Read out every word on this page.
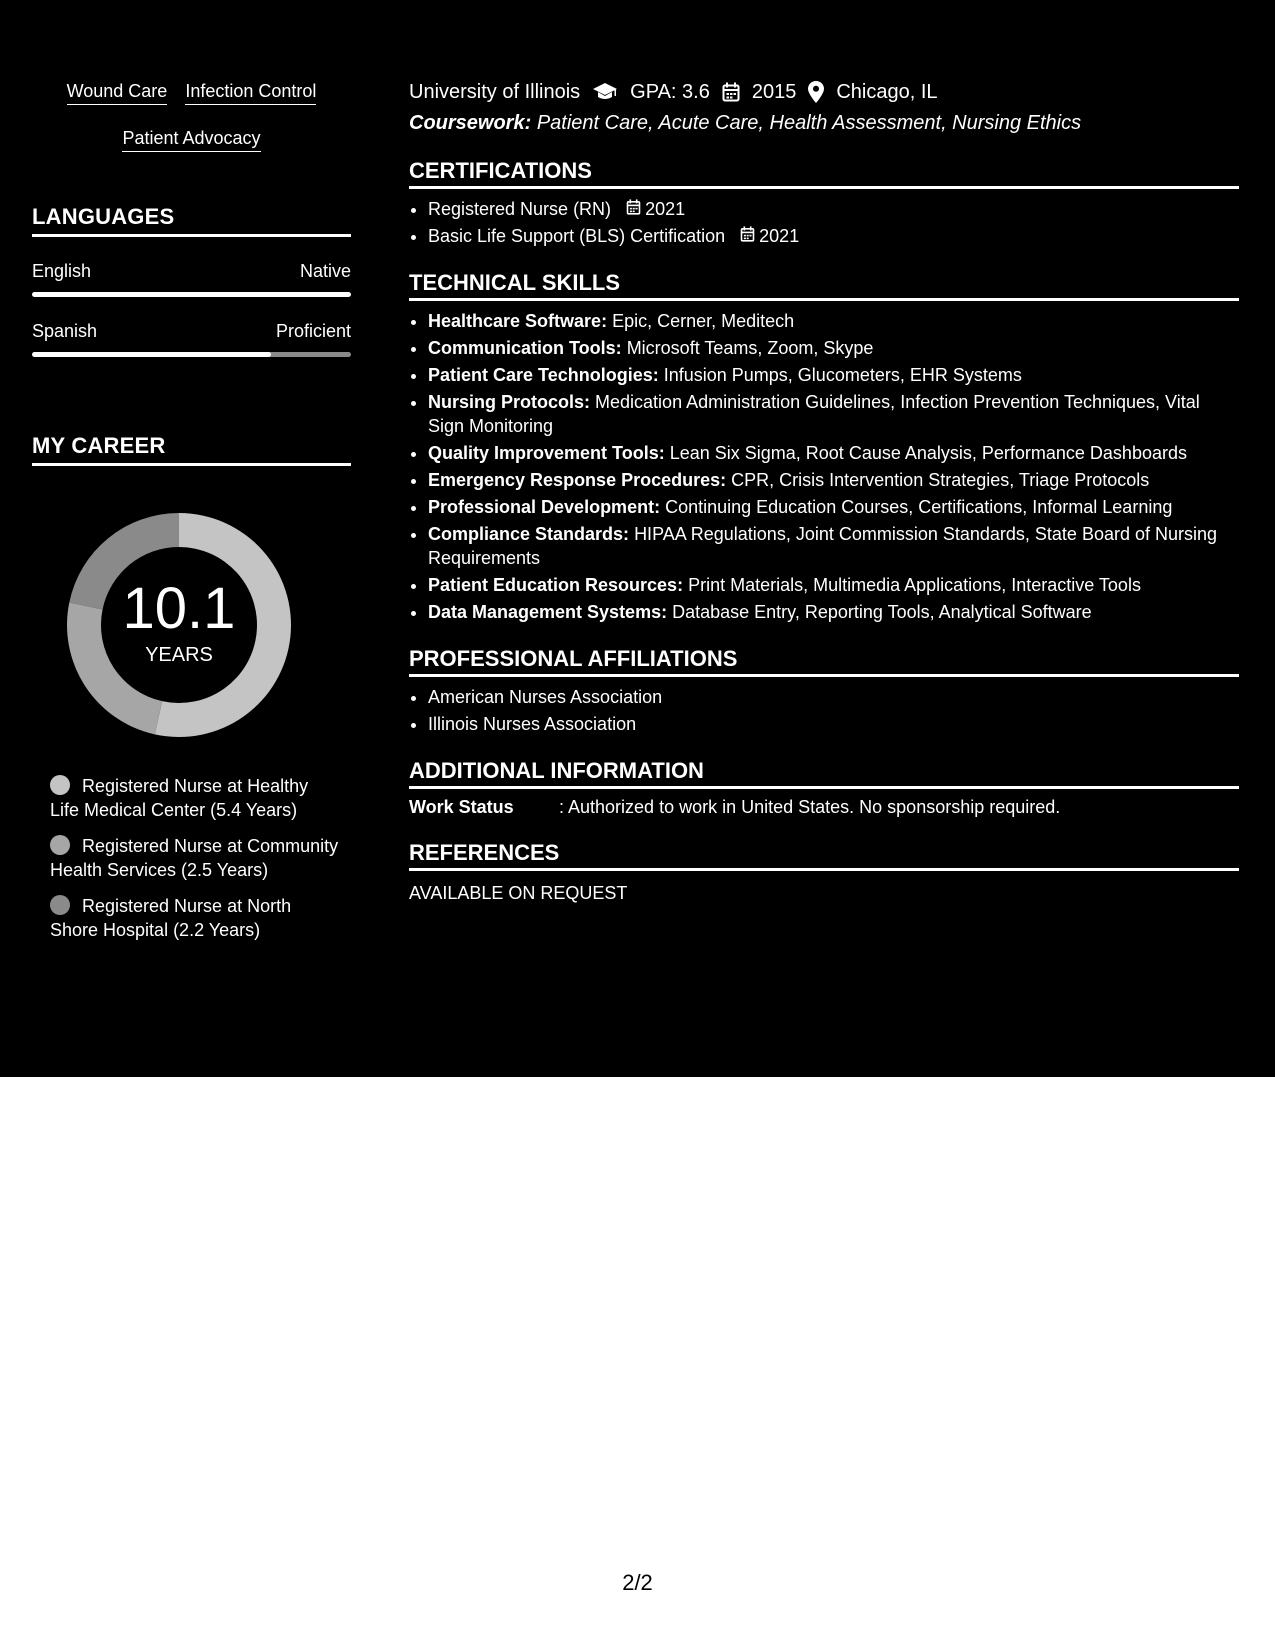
Wound Care Infection Control
Patient Advocacy
LANGUAGES
English	Native
Spanish	Proficient
MY CAREER
10.1
YEARS
Registered Nurse at Healthy Life Medical Center (5.4 Years)
Registered Nurse at Community Health Services (2.5 Years)
Registered Nurse at North Shore Hospital (2.2 Years)
University of Illinois	GPA: 3.6 2015 Chicago, IL
Coursework: Patient Care, Acute Care, Health Assessment, Nursing Ethics
CERTIFICATIONS
• Registered Nurse (RN) 2021
• Basic Life Support (BLS) Certification 2021
TECHNICAL SKILLS
• Healthcare Software: Epic, Cerner, Meditech
• Communication Tools: Microsoft Teams, Zoom, Skype
• Patient Care Technologies: Infusion Pumps, Glucometers, EHR Systems
• Nursing Protocols: Medication Administration Guidelines, Infection Prevention Techniques, Vital Sign Monitoring
• Quality Improvement Tools: Lean Six Sigma, Root Cause Analysis, Performance Dashboards
• Emergency Response Procedures: CPR, Crisis Intervention Strategies, Triage Protocols
• Professional Development: Continuing Education Courses, Certifications, Informal Learning
• Compliance Standards: HIPAA Regulations, Joint Commission Standards, State Board of Nursing Requirements
• Patient Education Resources: Print Materials, Multimedia Applications, Interactive Tools
• Data Management Systems: Database Entry, Reporting Tools, Analytical Software
PROFESSIONAL AFFILIATIONS
• American Nurses Association
• Illinois Nurses Association
ADDITIONAL INFORMATION
Work Status	: Authorized to work in United States. No sponsorship required.
REFERENCES
AVAILABLE ON REQUEST
2/2
